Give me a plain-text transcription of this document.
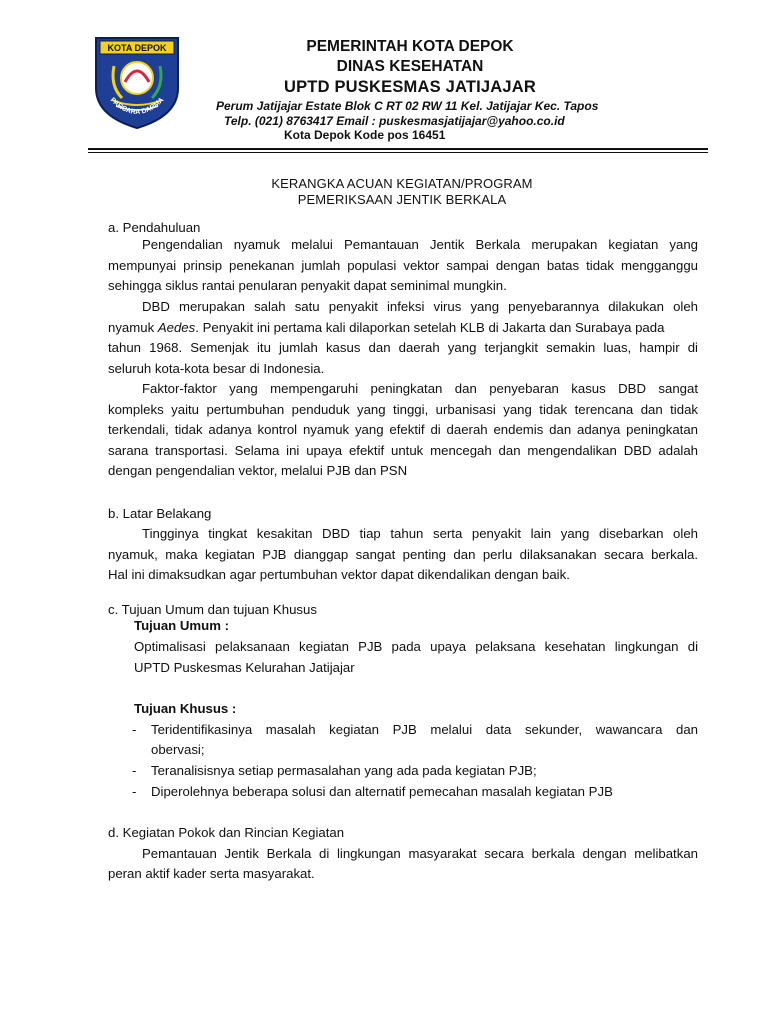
KOTA DEPOK
PARCARA DARMA
PEMERINTAH KOTA DEPOK
DINAS KESEHATAN
UPTD PUSKESMAS JATIJAJAR
Perum Jatijajar Estate Blok C RT 02 RW 11 Kel. Jatijajar Kec. Tapos
Telp. (021) 8763417 Email : puskesmasjatijajar@yahoo.co.id
Kota Depok Kode pos 16451
KERANGKA ACUAN KEGIATAN/PROGRAM
PEMERIKSAAN JENTIK BERKALA
a. Pendahuluan
Pengendalian nyamuk melalui Pemantauan Jentik Berkala merupakan kegiatan yang
mempunyai prinsip penekanan jumlah populasi vektor sampai dengan batas tidak mengganggu
sehingga siklus rantai penularan penyakit dapat seminimal mungkin.
DBD merupakan salah satu penyakit infeksi virus yang penyebarannya dilakukan oleh
nyamuk Aedes . Penyakit ini pertama kali dilaporkan setelah KLB di Jakarta dan Surabaya pada
tahun 1968. Semenjak itu jumlah kasus dan daerah yang terjangkit semakin luas, hampir di
seluruh kota-kota besar di Indonesia.
Faktor-faktor yang mempengaruhi peningkatan dan penyebaran kasus DBD sangat
kompleks yaitu pertumbuhan penduduk yang tinggi, urbanisasi yang tidak terencana dan tidak
terkendali, tidak adanya kontrol nyamuk yang efektif di daerah endemis dan adanya peningkatan
sarana transportasi. Selama ini upaya efektif untuk mencegah dan mengendalikan DBD adalah
dengan pengendalian vektor, melalui PJB dan PSN
b. Latar Belakang
Tingginya tingkat kesakitan DBD tiap tahun serta penyakit lain yang disebarkan oleh
nyamuk, maka kegiatan PJB dianggap sangat penting dan perlu dilaksanakan secara berkala.
Hal ini dimaksudkan agar pertumbuhan vektor dapat dikendalikan dengan baik.
c. Tujuan Umum dan tujuan Khusus
Tujuan Umum :
Optimalisasi pelaksanaan kegiatan PJB pada upaya pelaksana kesehatan lingkungan di
UPTD Puskesmas Kelurahan Jatijajar
Tujuan Khusus :
- Teridentifikasinya masalah kegiatan PJB melalui data sekunder, wawancara dan
obervasi;
- Teranalisisnya setiap permasalahan yang ada pada kegiatan PJB;
- Diperolehnya beberapa solusi dan alternatif pemecahan masalah kegiatan PJB
d. Kegiatan Pokok dan Rincian Kegiatan
Pemantauan Jentik Berkala di lingkungan masyarakat secara berkala dengan melibatkan
peran aktif kader serta masyarakat.
